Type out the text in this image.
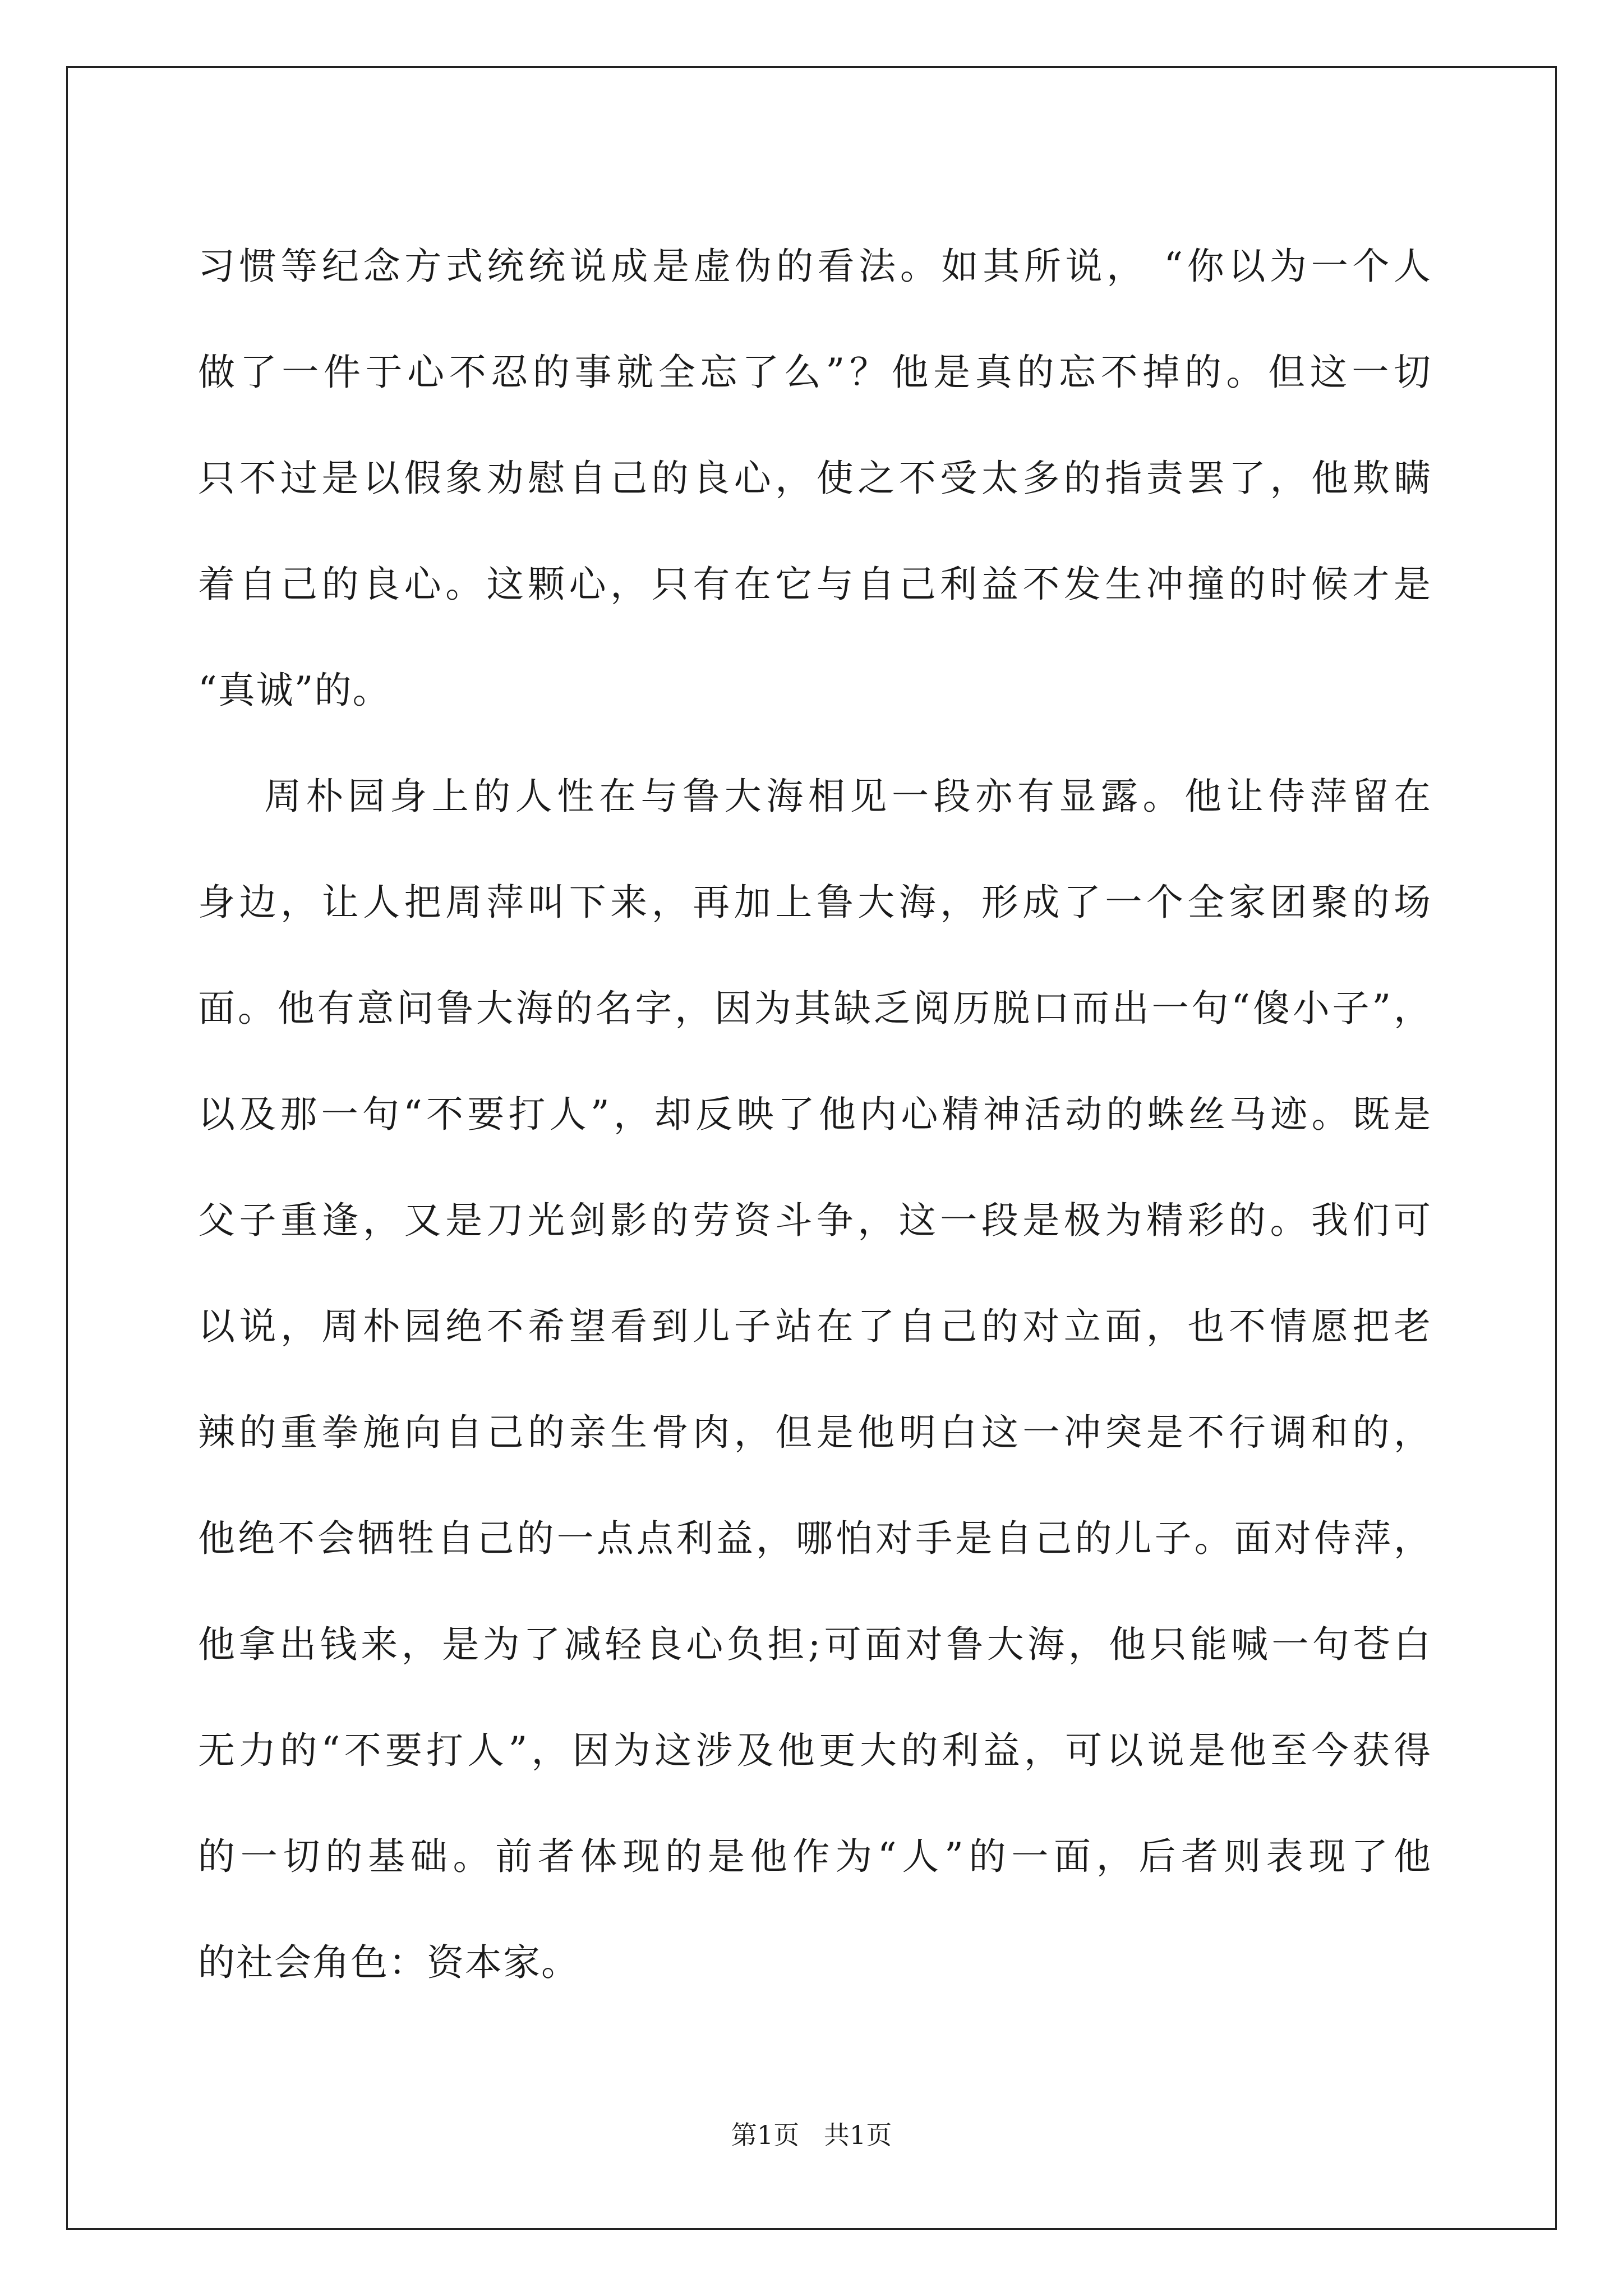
习惯等纪念方式统统说成是虚伪的看法。如其所说， “你以为一个人
做了一件于心不忍的事就全忘了么”？他是真的忘不掉的。但这一切
只不过是以假象劝慰自己的良心，使之不受太多的指责罢了，他欺瞒
着自己的良心。这颗心，只有在它与自己利益不发生冲撞的时候才是
“真诚”的。
周朴园身上的人性在与鲁大海相见一段亦有显露。他让侍萍留在
身边，让人把周萍叫下来，再加上鲁大海，形成了一个全家团聚的场
面。他有意问鲁大海的名字，因为其缺乏阅历脱口而出一句“傻小子”，
以及那一句“不要打人”，却反映了他内心精神活动的蛛丝马迹。既是
父子重逢，又是刀光剑影的劳资斗争，这一段是极为精彩的。我们可
以说，周朴园绝不希望看到儿子站在了自己的对立面，也不情愿把老
辣的重拳施向自己的亲生骨肉，但是他明白这一冲突是不行调和的，
他绝不会牺牲自己的一点点利益，哪怕对手是自己的儿子。面对侍萍，
他拿出钱来，是为了减轻良心负担;可面对鲁大海，他只能喊一句苍白
无力的“不要打人”，因为这涉及他更大的利益，可以说是他至今获得
的一切的基础。前者体现的是他作为“人”的一面，后者则表现了他
的社会角色：资本家。
第1页   共1页
